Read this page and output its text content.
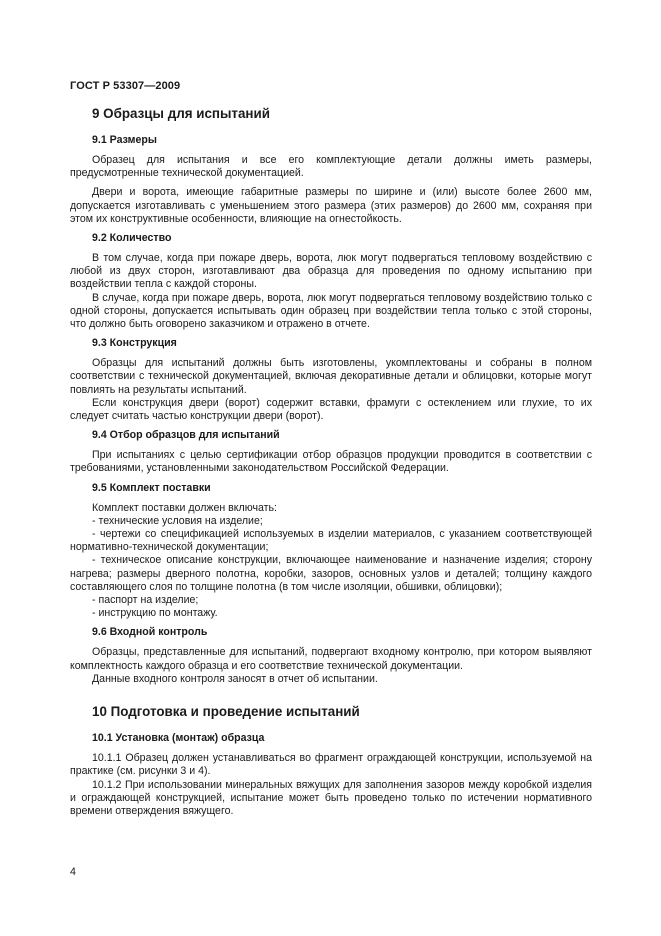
ГОСТ Р 53307—2009
9 Образцы для испытаний
9.1 Размеры

Образец для испытания и все его комплектующие детали должны иметь размеры, предусмотренные технической документацией.

Двери и ворота, имеющие габаритные размеры по ширине и (или) высоте более 2600 мм, допускается изготавливать с уменьшением этого размера (этих размеров) до 2600 мм, сохраняя при этом их конструктивные особенности, влияющие на огнестойкость.

9.2 Количество

В том случае, когда при пожаре дверь, ворота, люк могут подвергаться тепловому воздействию с любой из двух сторон, изготавливают два образца для проведения по одному испытанию при воздействии тепла с каждой стороны.

В случае, когда при пожаре дверь, ворота, люк могут подвергаться тепловому воздействию только с одной стороны, допускается испытывать один образец при воздействии тепла только с этой стороны, что должно быть оговорено заказчиком и отражено в отчете.

9.3 Конструкция

Образцы для испытаний должны быть изготовлены, укомплектованы и собраны в полном соответствии с технической документацией, включая декоративные детали и облицовки, которые могут повлиять на результаты испытаний.

Если конструкция двери (ворот) содержит вставки, фрамуги с остеклением или глухие, то их следует считать частью конструкции двери (ворот).

9.4 Отбор образцов для испытаний

При испытаниях с целью сертификации отбор образцов продукции проводится в соответствии с требованиями, установленными законодательством Российской Федерации.

9.5 Комплект поставки

Комплект поставки должен включать:

- технические условия на изделие;

- чертежи со спецификацией используемых в изделии материалов, с указанием соответствующей нормативно-технической документации;

- техническое описание конструкции, включающее наименование и назначение изделия; сторону нагрева; размеры дверного полотна, коробки, зазоров, основных узлов и деталей; толщину каждого составляющего слоя по толщине полотна (в том числе изоляции, обшивки, облицовки);

- паспорт на изделие;

- инструкцию по монтажу.

9.6 Входной контроль

Образцы, представленные для испытаний, подвергают входному контролю, при котором выявляют комплектность каждого образца и его соответствие технической документации.

Данные входного контроля заносят в отчет об испытании.

10 Подготовка и проведение испытаний
10.1 Установка (монтаж) образца

10.1.1 Образец должен устанавливаться во фрагмент ограждающей конструкции, используемой на практике (см. рисунки 3 и 4).

10.1.2 При использовании минеральных вяжущих для заполнения зазоров между коробкой изделия и ограждающей конструкцией, испытание может быть проведено только по истечении нормативного времени отверждения вяжущего.

4
